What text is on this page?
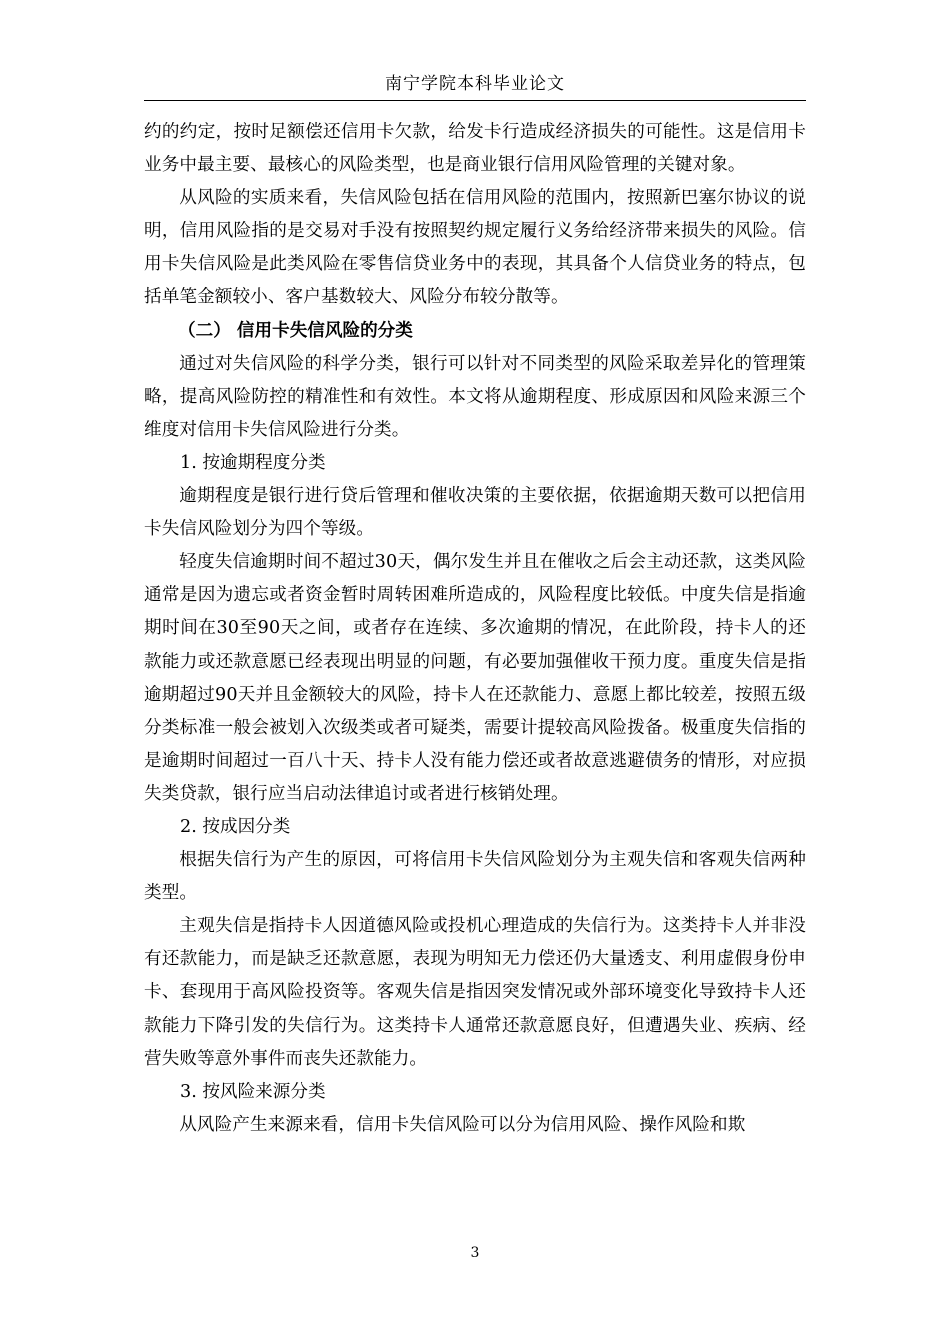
南宁学院本科毕业论文

约的约定，按时足额偿还信用卡欠款，给发卡行造成经济损失的可能性。这是信用卡业务中最主要、最核心的风险类型，也是商业银行信用风险管理的关键对象。

从风险的实质来看，失信风险包括在信用风险的范围内，按照新巴塞尔协议的说明，信用风险指的是交易对手没有按照契约规定履行义务给经济带来损失的风险。信用卡失信风险是此类风险在零售信贷业务中的表现，其具备个人信贷业务的特点，包括单笔金额较小、客户基数较大、风险分布较分散等。

（二） 信用卡失信风险的分类

通过对失信风险的科学分类，银行可以针对不同类型的风险采取差异化的管理策略，提高风险防控的精准性和有效性。本文将从逾期程度、形成原因和风险来源三个维度对信用卡失信风险进行分类。

1. 按逾期程度分类

逾期程度是银行进行贷后管理和催收决策的主要依据，依据逾期天数可以把信用卡失信风险划分为四个等级。

轻度失信逾期时间不超过30天，偶尔发生并且在催收之后会主动还款，这类风险通常是因为遗忘或者资金暂时周转困难所造成的，风险程度比较低。中度失信是指逾期时间在30至90天之间，或者存在连续、多次逾期的情况，在此阶段，持卡人的还款能力或还款意愿已经表现出明显的问题，有必要加强催收干预力度。重度失信是指逾期超过90天并且金额较大的风险，持卡人在还款能力、意愿上都比较差，按照五级分类标准一般会被划入次级类或者可疑类，需要计提较高风险拨备。极重度失信指的是逾期时间超过一百八十天、持卡人没有能力偿还或者故意逃避债务的情形，对应损失类贷款，银行应当启动法律追讨或者进行核销处理。

2. 按成因分类

根据失信行为产生的原因，可将信用卡失信风险划分为主观失信和客观失信两种类型。

主观失信是指持卡人因道德风险或投机心理造成的失信行为。这类持卡人并非没有还款能力，而是缺乏还款意愿，表现为明知无力偿还仍大量透支、利用虚假身份申卡、套现用于高风险投资等。客观失信是指因突发情况或外部环境变化导致持卡人还款能力下降引发的失信行为。这类持卡人通常还款意愿良好，但遭遇失业、疾病、经营失败等意外事件而丧失还款能力。

3. 按风险来源分类

从风险产生来源来看，信用卡失信风险可以分为信用风险、操作风险和欺

3
